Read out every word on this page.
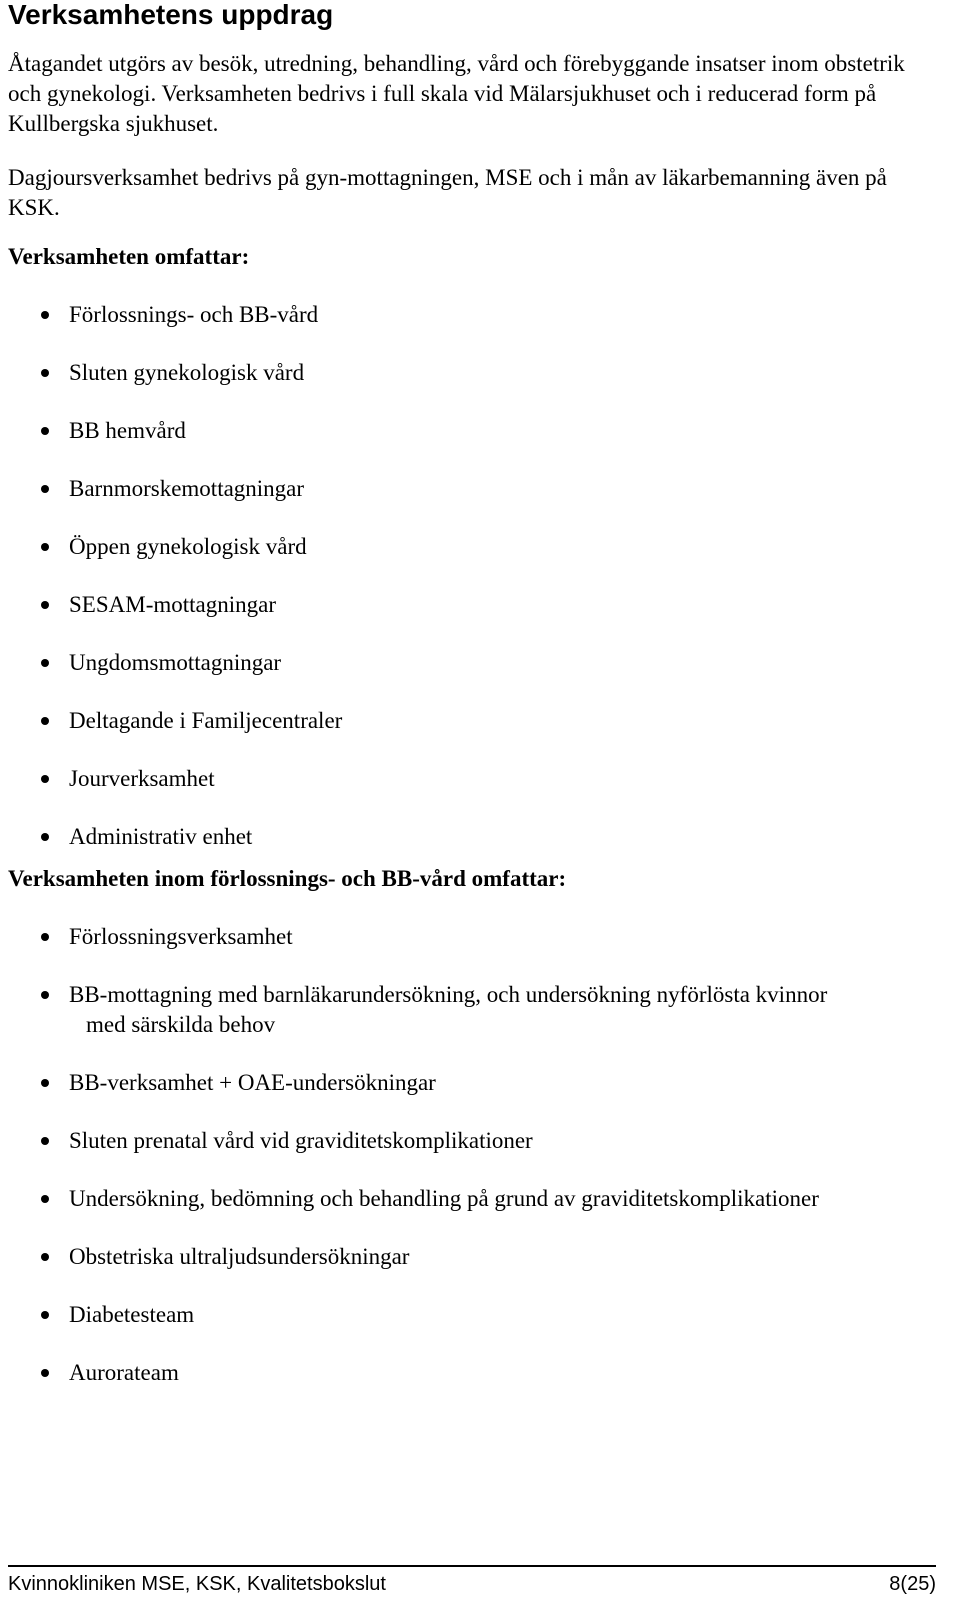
Verksamhetens uppdrag

Åtagandet utgörs av besök, utredning, behandling, vård och förebyggande insatser inom obstetrik och gynekologi. Verksamheten bedrivs i full skala vid Mälarsjukhuset och i reducerad form på Kullbergska sjukhuset.

Dagjoursverksamhet bedrivs på gyn-mottagningen, MSE och i mån av läkarbemanning även på KSK.

Verksamheten omfattar:

Förlossnings- och BB-vård
Sluten gynekologisk vård
BB hemvård
Barnmorskemottagningar
Öppen gynekologisk vård
SESAM-mottagningar
Ungdomsmottagningar
Deltagande i Familjecentraler
Jourverksamhet
Administrativ enhet

Verksamheten inom förlossnings- och BB-vård omfattar:

Förlossningsverksamhet
BB-mottagning med barnläkarundersökning, och undersökning nyförlösta kvinnor
med särskilda behov
BB-verksamhet + OAE-undersökningar
Sluten prenatal vård vid graviditetskomplikationer
Undersökning, bedömning och behandling på grund av graviditetskomplikationer
Obstetriska ultraljudsundersökningar
Diabetesteam
Aurorateam
Kvinnokliniken MSE, KSK, Kvalitetsbokslut	8(25)
